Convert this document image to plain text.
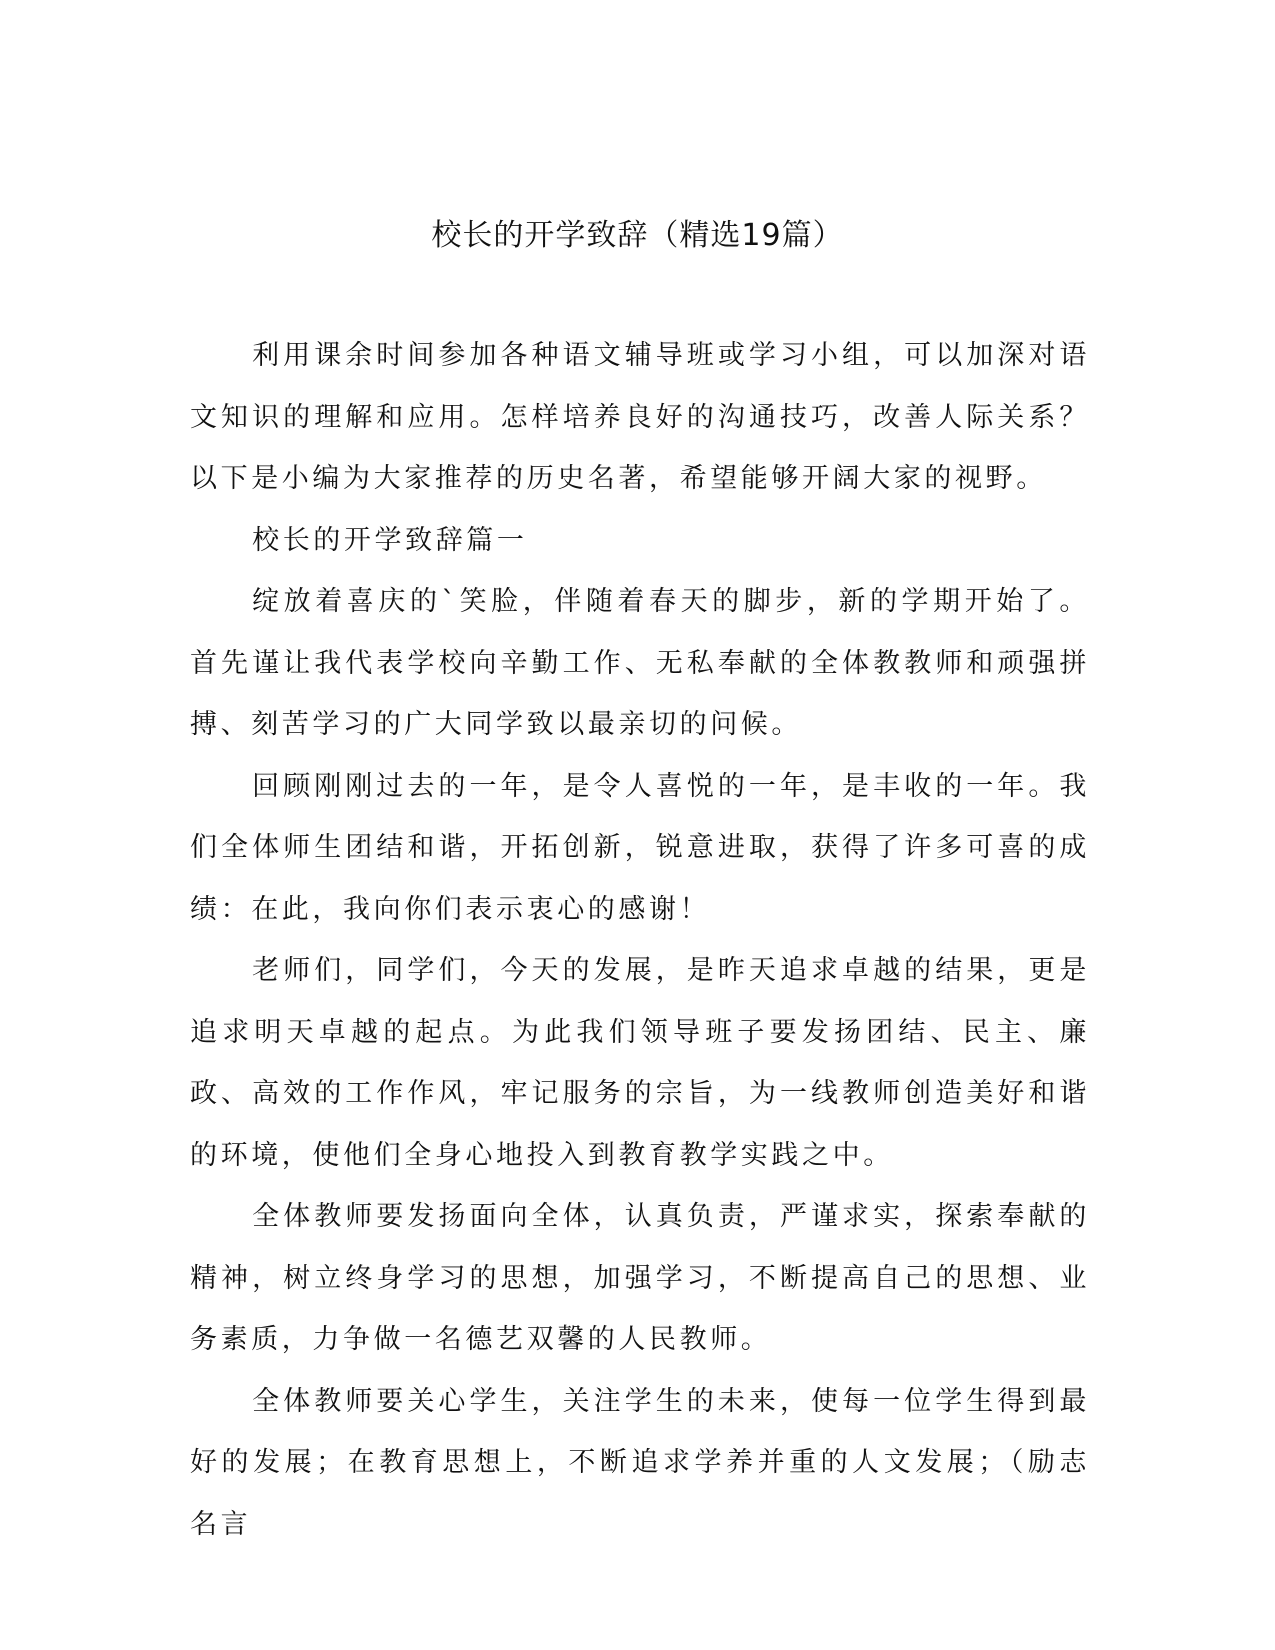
校长的开学致辞（精选19篇）

利用课余时间参加各种语文辅导班或学习小组，可以加深对语文知识的理解和应用。怎样培养良好的沟通技巧，改善人际关系？以下是小编为大家推荐的历史名著，希望能够开阔大家的视野。

校长的开学致辞篇一

绽放着喜庆的`笑脸，伴随着春天的脚步，新的学期开始了。首先谨让我代表学校向辛勤工作、无私奉献的全体教教师和顽强拼搏、刻苦学习的广大同学致以最亲切的问候。

回顾刚刚过去的一年，是令人喜悦的一年，是丰收的一年。我们全体师生团结和谐，开拓创新，锐意进取，获得了许多可喜的成绩：在此，我向你们表示衷心的感谢！

老师们，同学们，今天的发展，是昨天追求卓越的结果，更是追求明天卓越的起点。为此我们领导班子要发扬团结、民主、廉政、高效的工作作风，牢记服务的宗旨，为一线教师创造美好和谐的环境，使他们全身心地投入到教育教学实践之中。

全体教师要发扬面向全体，认真负责，严谨求实，探索奉献的精神，树立终身学习的思想，加强学习，不断提高自己的思想、业务素质，力争做一名德艺双馨的人民教师。

全体教师要关心学生，关注学生的未来，使每一位学生得到最好的发展；在教育思想上，不断追求学养并重的人文发展；（励志名言
